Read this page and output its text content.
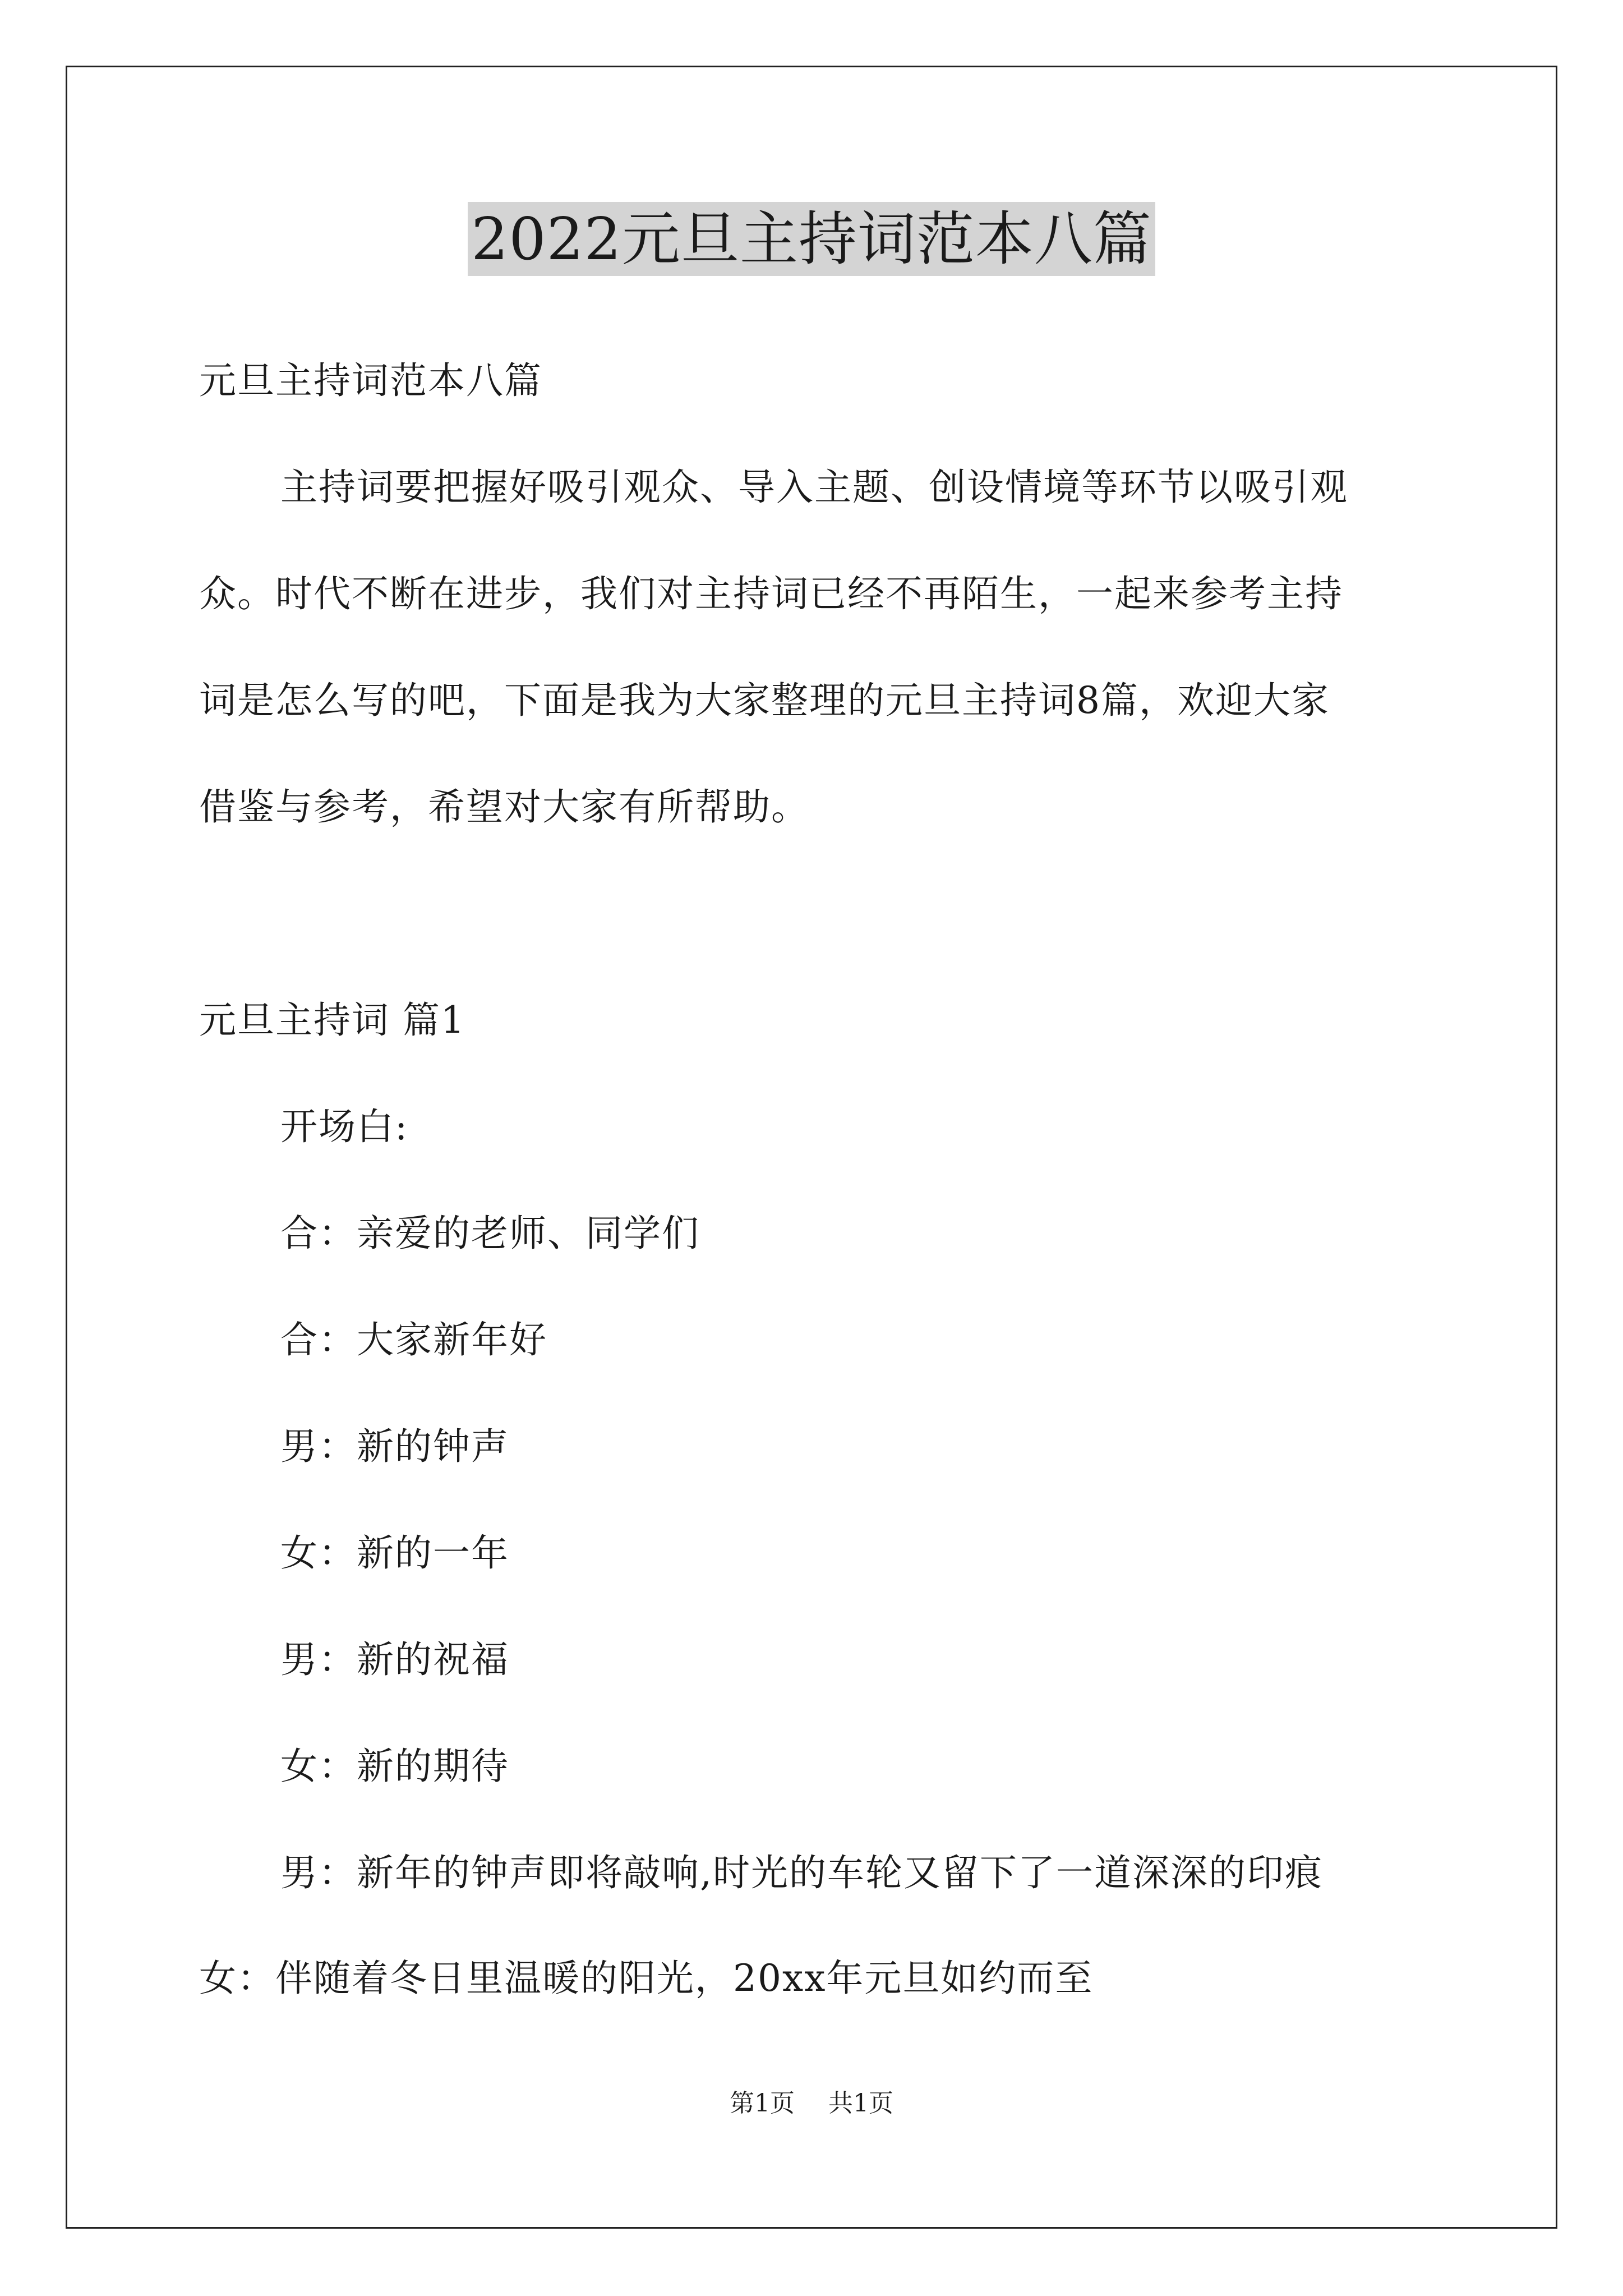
2022元旦主持词范本八篇
元旦主持词范本八篇
主持词要把握好吸引观众、导入主题、创设情境等环节以吸引观
众。时代不断在进步，我们对主持词已经不再陌生，一起来参考主持
词是怎么写的吧，下面是我为大家整理的元旦主持词8篇，欢迎大家
借鉴与参考，希望对大家有所帮助。
元旦主持词 篇1
开场白:
合：亲爱的老师、同学们
合：大家新年好
男：新的钟声
女：新的一年
男：新的祝福
女：新的期待
男：新年的钟声即将敲响,时光的车轮又留下了一道深深的印痕
女：伴随着冬日里温暖的阳光，20xx年元旦如约而至
第1页 共1页
